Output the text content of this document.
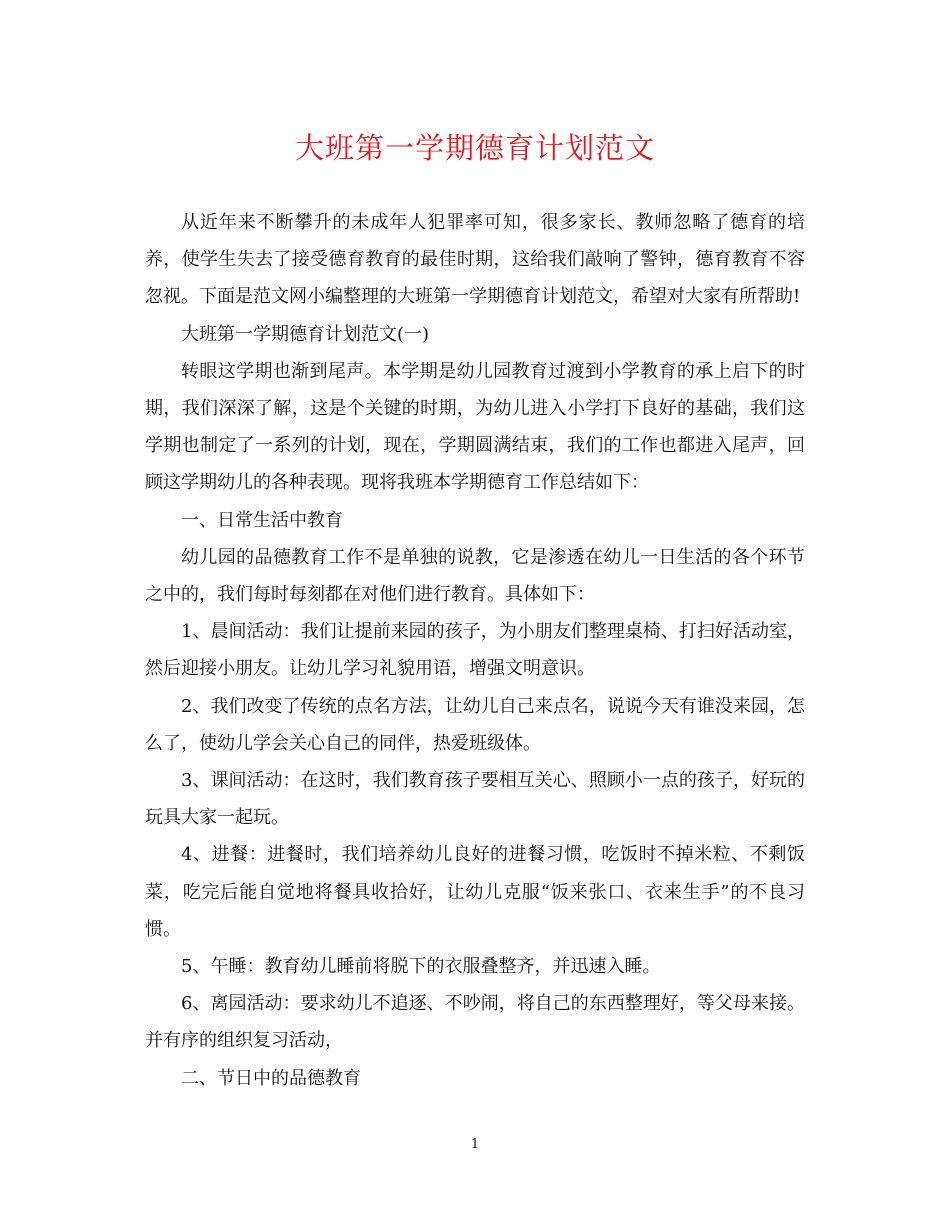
大班第一学期德育计划范文

从近年来不断攀升的未成年人犯罪率可知，很多家长、教师忽略了德育的培养，使学生失去了接受德育教育的最佳时期，这给我们敲响了警钟，德育教育不容忽视。下面是范文网小编整理的大班第一学期德育计划范文，希望对大家有所帮助!

大班第一学期德育计划范文(一)

转眼这学期也渐到尾声。本学期是幼儿园教育过渡到小学教育的承上启下的时期，我们深深了解，这是个关键的时期，为幼儿进入小学打下良好的基础，我们这学期也制定了一系列的计划，现在，学期圆满结束，我们的工作也都进入尾声，回顾这学期幼儿的各种表现。现将我班本学期德育工作总结如下：

一、日常生活中教育

幼儿园的品德教育工作不是单独的说教，它是渗透在幼儿一日生活的各个环节之中的，我们每时每刻都在对他们进行教育。具体如下：

1、晨间活动：我们让提前来园的孩子，为小朋友们整理桌椅、打扫好活动室，然后迎接小朋友。让幼儿学习礼貌用语，增强文明意识。

2、我们改变了传统的点名方法，让幼儿自己来点名，说说今天有谁没来园，怎么了，使幼儿学会关心自己的同伴，热爱班级体。

3、课间活动：在这时，我们教育孩子要相互关心、照顾小一点的孩子，好玩的玩具大家一起玩。

4、进餐：进餐时，我们培养幼儿良好的进餐习惯，吃饭时不掉米粒、不剩饭菜，吃完后能自觉地将餐具收拾好，让幼儿克服“饭来张口、衣来生手”的不良习惯。

5、午睡：教育幼儿睡前将脱下的衣服叠整齐，并迅速入睡。

6、离园活动：要求幼儿不追逐、不吵闹，将自己的东西整理好，等父母来接。并有序的组织复习活动，

二、节日中的品德教育

1
